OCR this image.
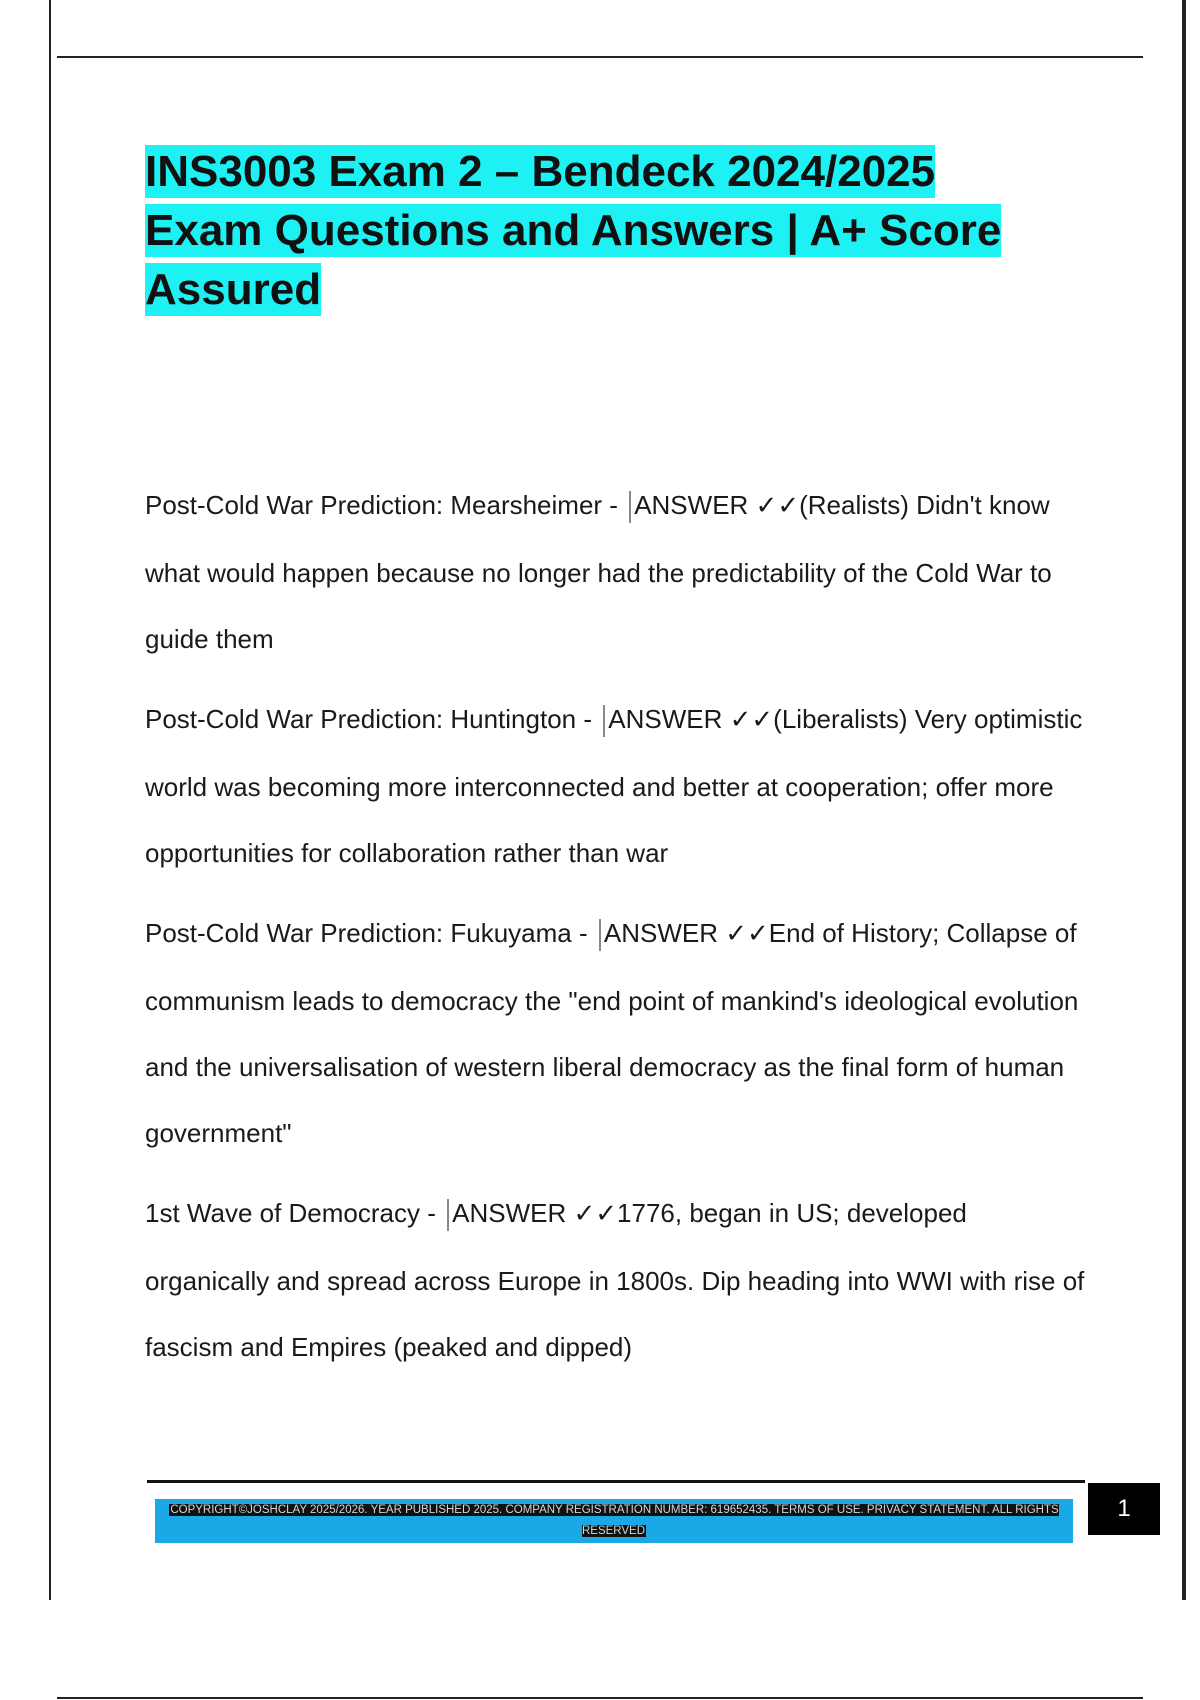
INS3003 Exam 2 – Bendeck 2024/2025 Exam Questions and Answers | A+ Score Assured

Post-Cold War Prediction: Mearsheimer - ANSWER ✓✓(Realists) Didn't know what would happen because no longer had the predictability of the Cold War to guide them

Post-Cold War Prediction: Huntington - ANSWER ✓✓(Liberalists) Very optimistic world was becoming more interconnected and better at cooperation; offer more opportunities for collaboration rather than war

Post-Cold War Prediction: Fukuyama - ANSWER ✓✓End of History; Collapse of communism leads to democracy the "end point of mankind's ideological evolution and the universalisation of western liberal democracy as the final form of human government"

1st Wave of Democracy - ANSWER ✓✓1776, began in US; developed organically and spread across Europe in 1800s. Dip heading into WWI with rise of fascism and Empires (peaked and dipped)

COPYRIGHT©JOSHCLAY 2025/2026. YEAR PUBLISHED 2025. COMPANY REGISTRATION NUMBER: 619652435. TERMS OF USE. PRIVACY STATEMENT. ALL RIGHTS RESERVED
1
